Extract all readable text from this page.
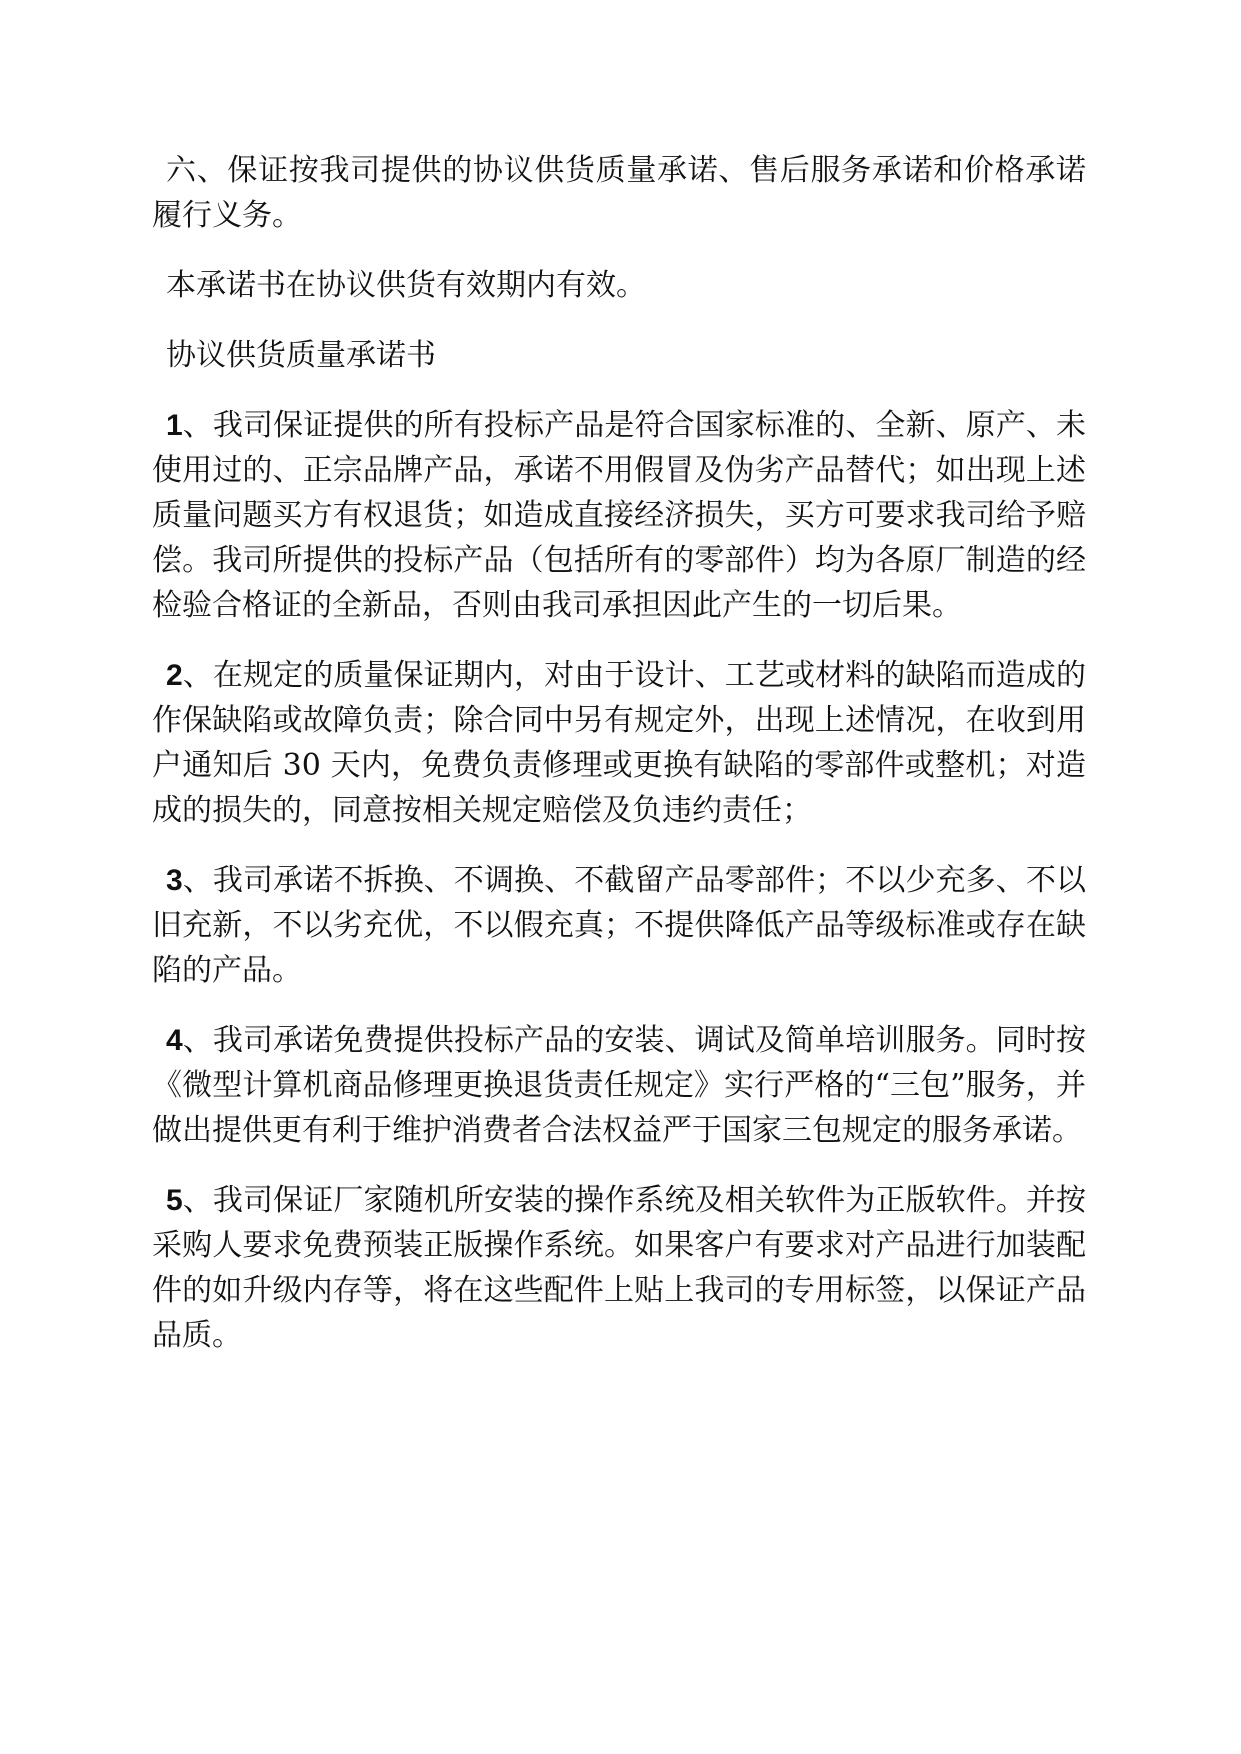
六、保证按我司提供的协议供货质量承诺、售后服务承诺和价格承诺履行义务。

本承诺书在协议供货有效期内有效。

协议供货质量承诺书

1、我司保证提供的所有投标产品是符合国家标准的、全新、原产、未使用过的、正宗品牌产品，承诺不用假冒及伪劣产品替代；如出现上述质量问题买方有权退货；如造成直接经济损失，买方可要求我司给予赔偿。我司所提供的投标产品（包括所有的零部件）均为各原厂制造的经检验合格证的全新品，否则由我司承担因此产生的一切后果。

2、在规定的质量保证期内，对由于设计、工艺或材料的缺陷而造成的作保缺陷或故障负责；除合同中另有规定外，出现上述情况，在收到用户通知后 30 天内，免费负责修理或更换有缺陷的零部件或整机；对造成的损失的，同意按相关规定赔偿及负违约责任；

3、我司承诺不拆换、不调换、不截留产品零部件；不以少充多、不以旧充新，不以劣充优，不以假充真；不提供降低产品等级标准或存在缺陷的产品。

4、我司承诺免费提供投标产品的安装、调试及简单培训服务。同时按《微型计算机商品修理更换退货责任规定》实行严格的“三包”服务，并做出提供更有利于维护消费者合法权益严于国家三包规定的服务承诺。

5、我司保证厂家随机所安装的操作系统及相关软件为正版软件。并按采购人要求免费预装正版操作系统。如果客户有要求对产品进行加装配件的如升级内存等，将在这些配件上贴上我司的专用标签，以保证产品品质。
